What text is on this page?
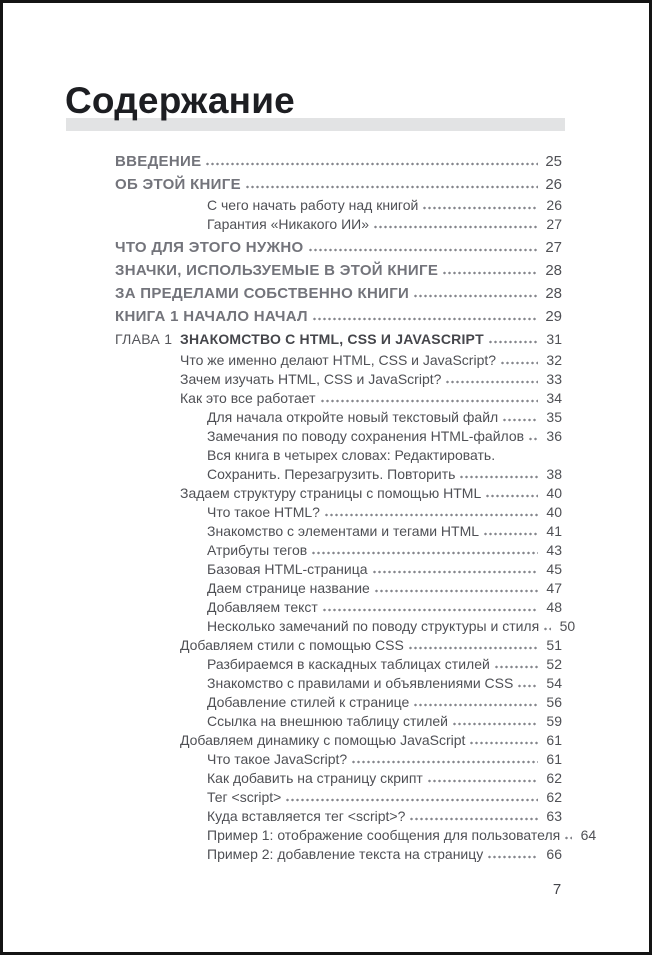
Содержание
ВВЕДЕНИЕ	25
ОБ ЭТОЙ КНИГЕ	26
С чего начать работу над книгой	26
Гарантия «Никакого ИИ»	27
ЧТО ДЛЯ ЭТОГО НУЖНО	27
ЗНАЧКИ, ИСПОЛЬЗУЕМЫЕ В ЭТОЙ КНИГЕ	28
ЗА ПРЕДЕЛАМИ СОБСТВЕННО КНИГИ	28
КНИГА 1 НАЧАЛО НАЧАЛ	29
ГЛАВА 1 ЗНАКОМСТВО С HTML, CSS И JAVASCRIPT	31
Что же именно делают HTML, CSS и JavaScript?	32
Зачем изучать HTML, CSS и JavaScript?	33
Как это все работает	34
Для начала откройте новый текстовый файл	35
Замечания по поводу сохранения HTML-файлов	36
Вся книга в четырех словах: Редактировать.
Сохранить. Перезагрузить. Повторить	38
Задаем структуру страницы с помощью HTML	40
Что такое HTML?	40
Знакомство с элементами и тегами HTML	41
Атрибуты тегов	43
Базовая HTML-страница	45
Даем странице название	47
Добавляем текст	48
Несколько замечаний по поводу структуры и стиля	50
Добавляем стили с помощью CSS	51
Разбираемся в каскадных таблицах стилей	52
Знакомство с правилами и объявлениями CSS	54
Добавление стилей к странице	56
Ссылка на внешнюю таблицу стилей	59
Добавляем динамику с помощью JavaScript	61
Что такое JavaScript?	61
Как добавить на страницу скрипт	62
Тег <script>	62
Куда вставляется тег <script>?	63
Пример 1: отображение сообщения для пользователя	64
Пример 2: добавление текста на страницу	66
7
